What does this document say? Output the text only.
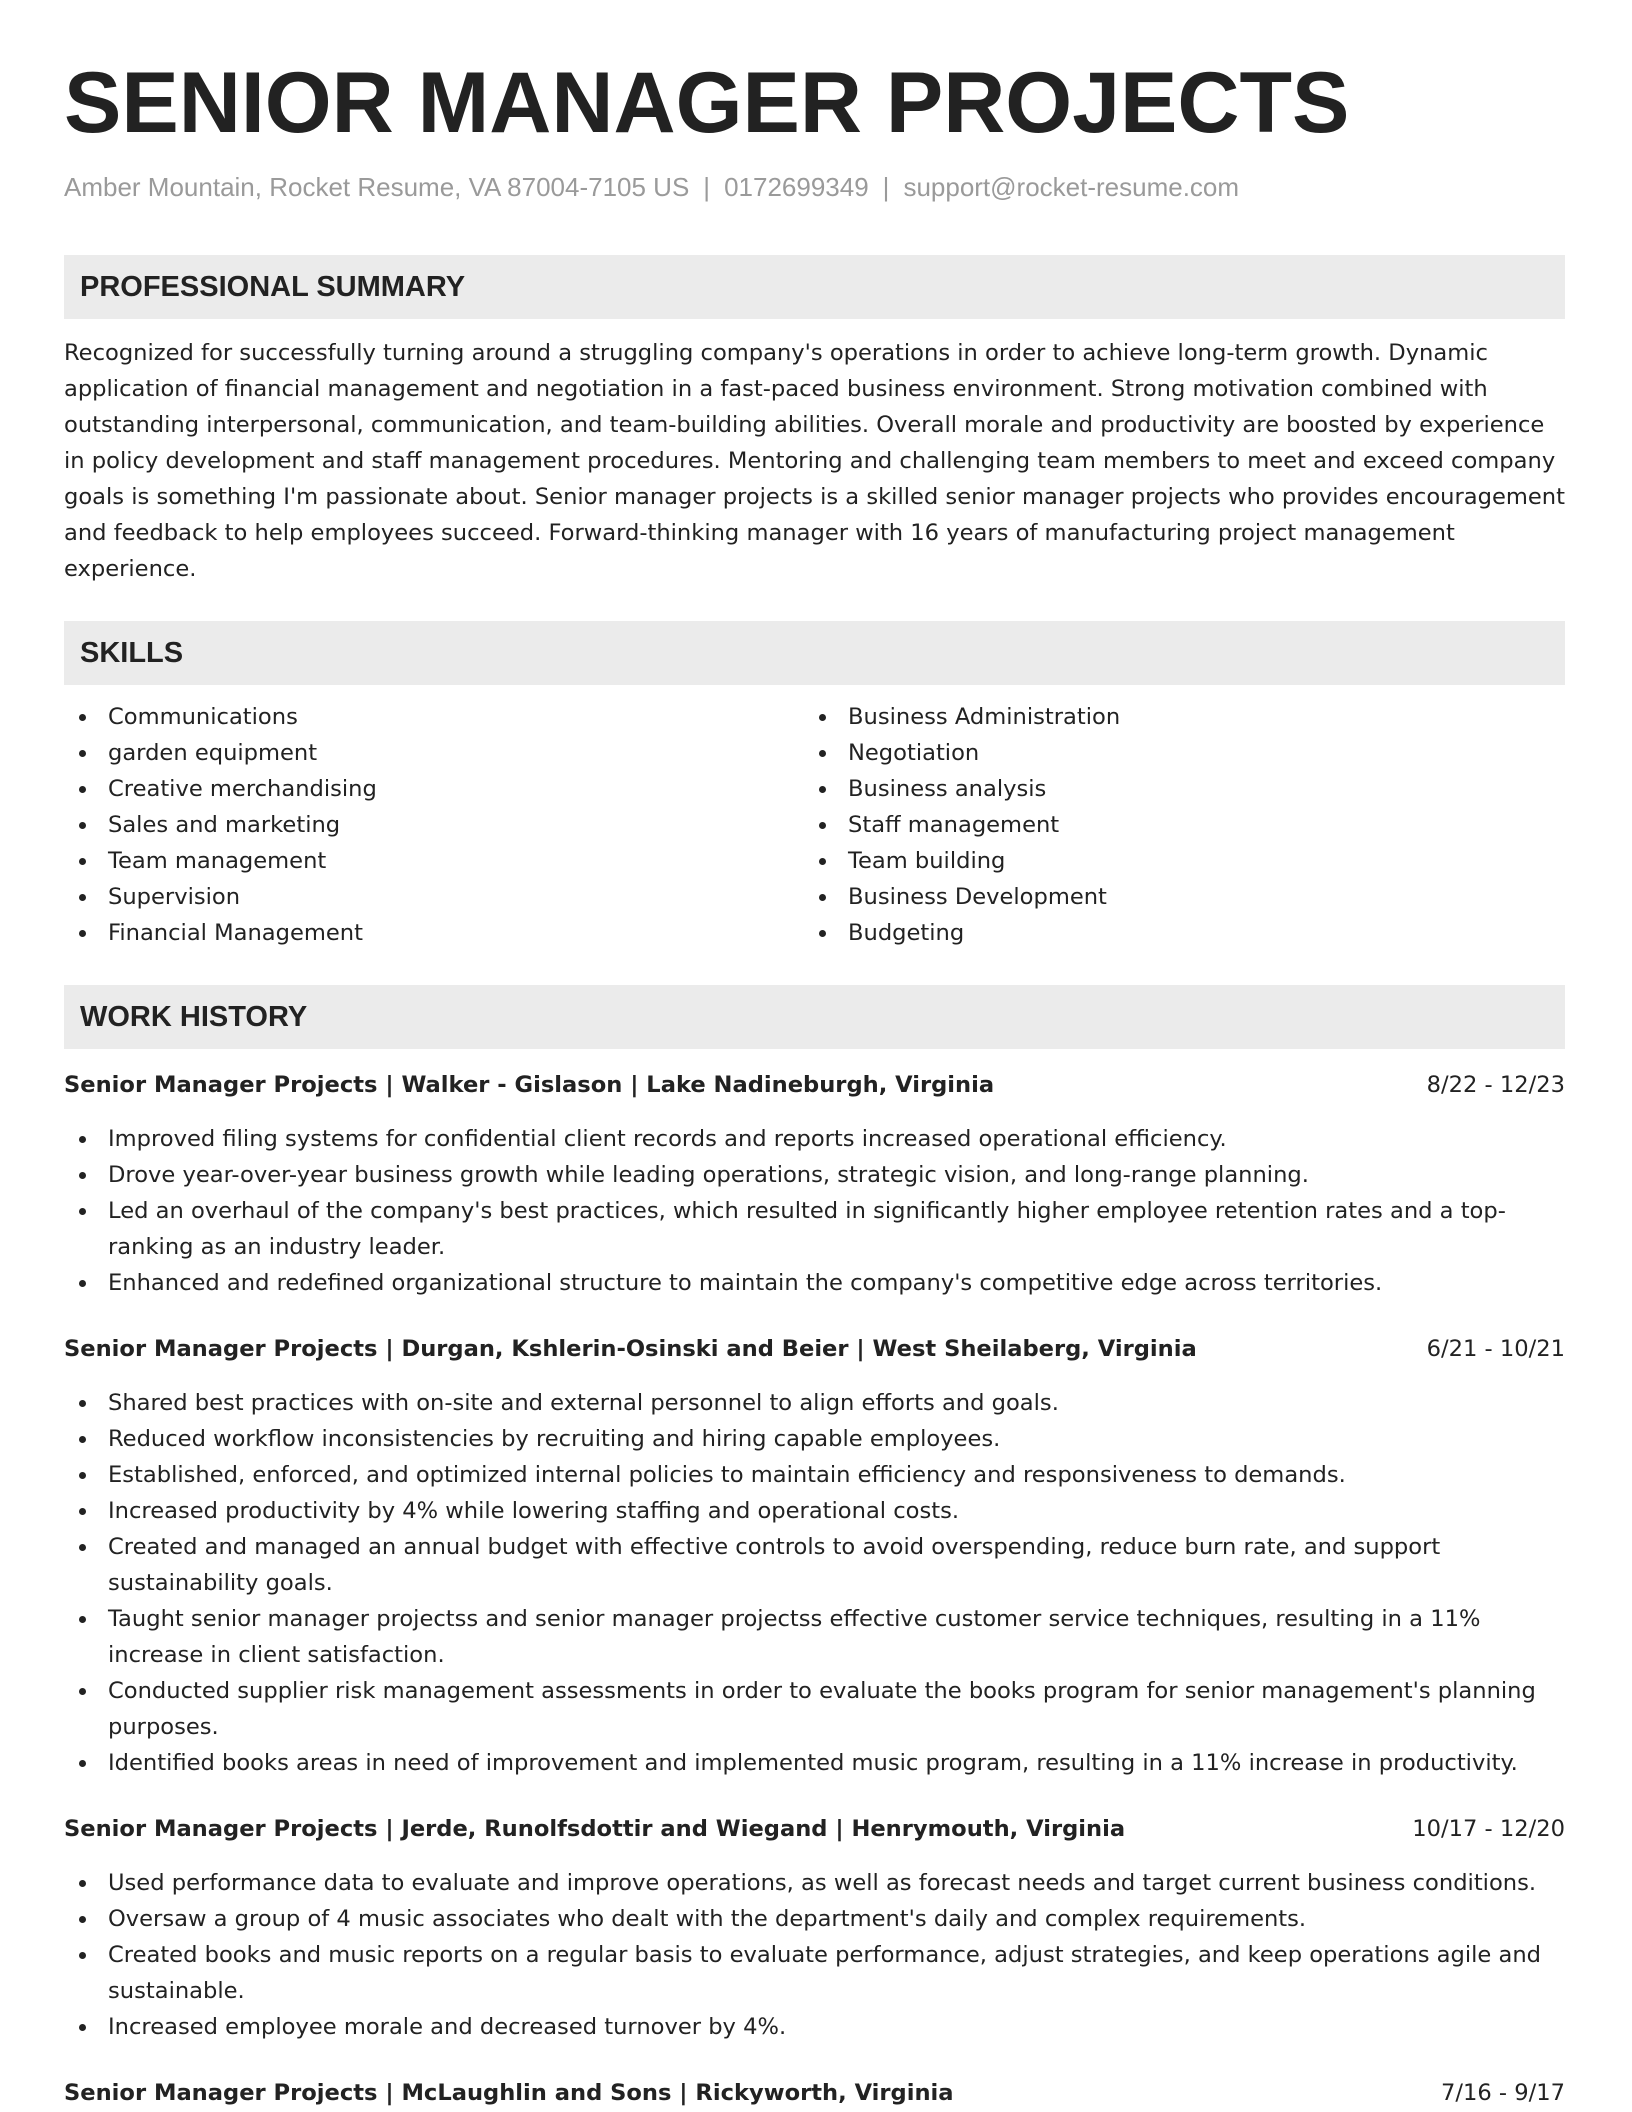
SENIOR MANAGER PROJECTS
Amber Mountain, Rocket Resume, VA 87004-7105 US | 0172699349 | support@rocket-resume.com
PROFESSIONAL SUMMARY
Recognized for successfully turning around a struggling company's operations in order to achieve long-term growth. Dynamic application of financial management and negotiation in a fast-paced business environment. Strong motivation combined with outstanding interpersonal, communication, and team-building abilities. Overall morale and productivity are boosted by experience in policy development and staff management procedures. Mentoring and challenging team members to meet and exceed company goals is something I'm passionate about. Senior manager projects is a skilled senior manager projects who provides encouragement and feedback to help employees succeed. Forward-thinking manager with 16 years of manufacturing project management experience.
SKILLS
Communications
garden equipment
Creative merchandising
Sales and marketing
Team management
Supervision
Financial Management
Business Administration
Negotiation
Business analysis
Staff management
Team building
Business Development
Budgeting
WORK HISTORY
Senior Manager Projects | Walker - Gislason | Lake Nadineburgh, Virginia	8/22 - 12/23
Improved filing systems for confidential client records and reports increased operational efficiency.
Drove year-over-year business growth while leading operations, strategic vision, and long-range planning.
Led an overhaul of the company's best practices, which resulted in significantly higher employee retention rates and a top-ranking as an industry leader.
Enhanced and redefined organizational structure to maintain the company's competitive edge across territories.
Senior Manager Projects | Durgan, Kshlerin-Osinski and Beier | West Sheilaberg, Virginia	6/21 - 10/21
Shared best practices with on-site and external personnel to align efforts and goals.
Reduced workflow inconsistencies by recruiting and hiring capable employees.
Established, enforced, and optimized internal policies to maintain efficiency and responsiveness to demands.
Increased productivity by 4% while lowering staffing and operational costs.
Created and managed an annual budget with effective controls to avoid overspending, reduce burn rate, and support sustainability goals.
Taught senior manager projectss and senior manager projectss effective customer service techniques, resulting in a 11% increase in client satisfaction.
Conducted supplier risk management assessments in order to evaluate the books program for senior management's planning purposes.
Identified books areas in need of improvement and implemented music program, resulting in a 11% increase in productivity.
Senior Manager Projects | Jerde, Runolfsdottir and Wiegand | Henrymouth, Virginia	10/17 - 12/20
Used performance data to evaluate and improve operations, as well as forecast needs and target current business conditions.
Oversaw a group of 4 music associates who dealt with the department's daily and complex requirements.
Created books and music reports on a regular basis to evaluate performance, adjust strategies, and keep operations agile and sustainable.
Increased employee morale and decreased turnover by 4%.
Senior Manager Projects | McLaughlin and Sons | Rickyworth, Virginia	7/16 - 9/17
